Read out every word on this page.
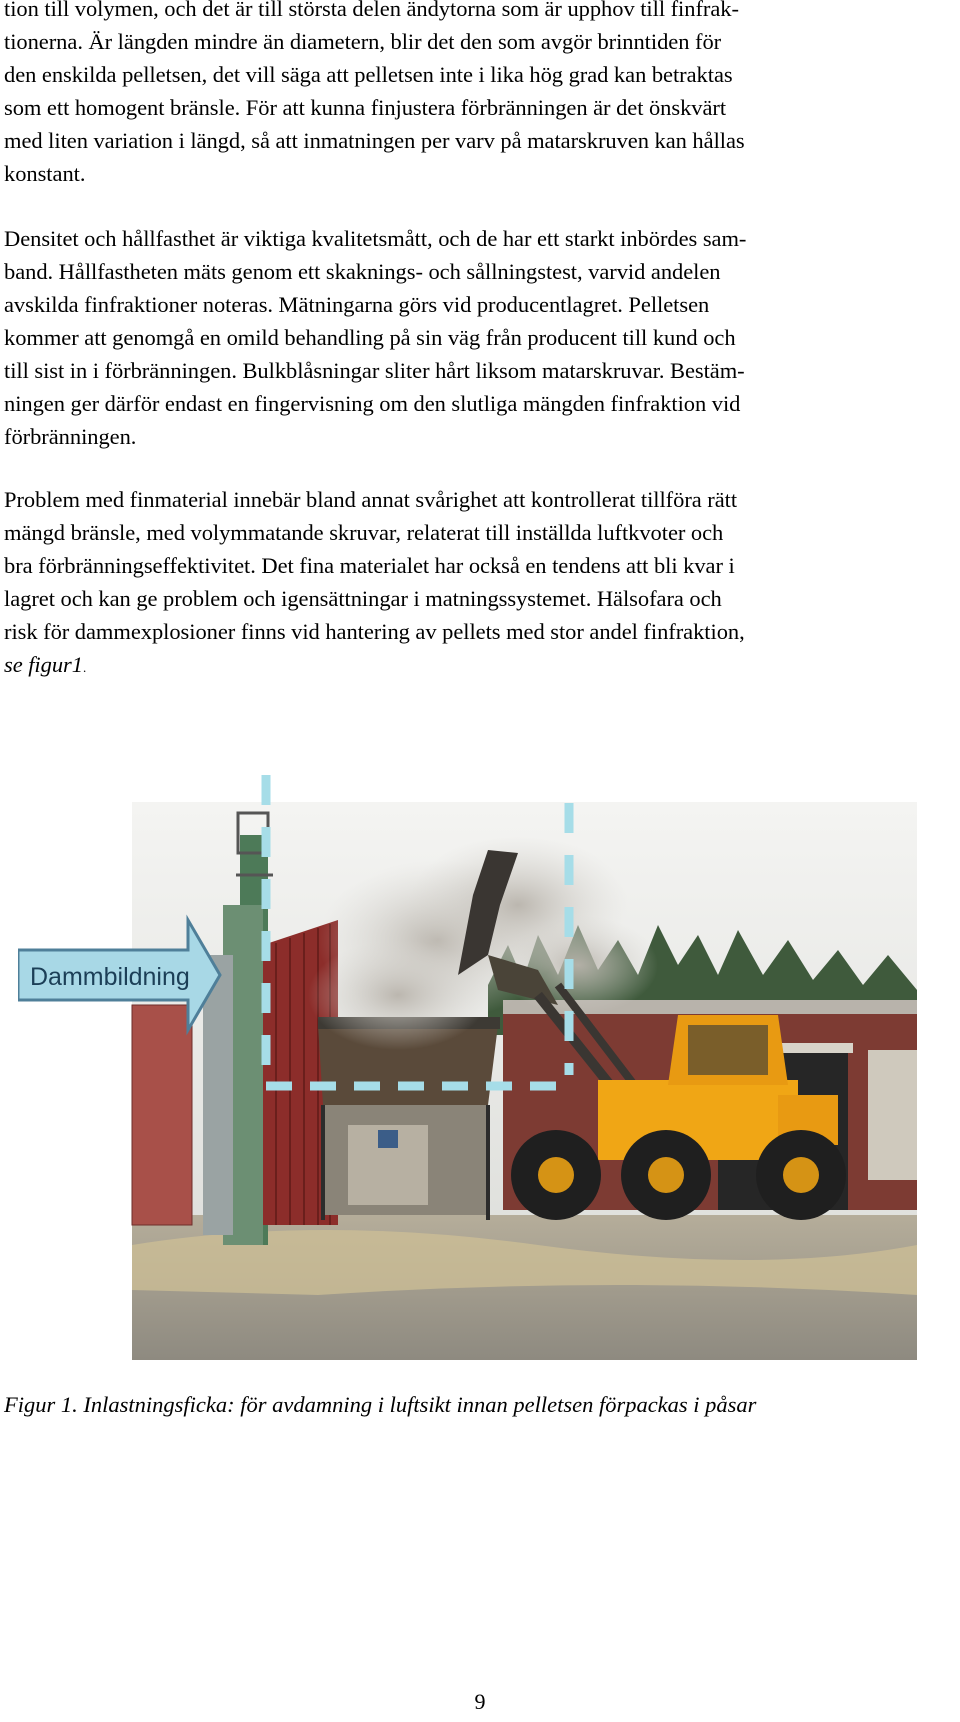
tion till volymen, och det är till största delen ändytorna som är upphov till finfrak-
tionerna. Är längden mindre än diametern, blir det den som avgör brinntiden för
den enskilda pelletsen, det vill säga att pelletsen inte i lika hög grad kan betraktas
som ett homogent bränsle. För att kunna finjustera förbränningen är det önskvärt
med liten variation i längd, så att inmatningen per varv på matarskruven kan hållas
konstant.
Densitet och hållfasthet är viktiga kvalitetsmått, och de har ett starkt inbördes sam-
band. Hållfastheten mäts genom ett skaknings- och sållningstest, varvid andelen
avskilda finfraktioner noteras. Mätningarna görs vid producentlagret. Pelletsen
kommer att genomgå en omild behandling på sin väg från producent till kund och
till sist in i förbränningen. Bulkblåsningar sliter hårt liksom matarskruvar. Bestäm-
ningen ger därför endast en fingervisning om den slutliga mängden finfraktion vid
förbränningen.
Problem med finmaterial innebär bland annat svårighet att kontrollerat tillföra rätt
mängd bränsle, med volymmatande skruvar, relaterat till inställda luftkvoter och
bra förbränningseffektivitet. Det fina materialet har också en tendens att bli kvar i
lagret och kan ge problem och igensättningar i matningssystemet. Hälsofara och
risk för dammexplosioner finns vid hantering av pellets med stor andel finfraktion,
se figur1.
Dammbildning
Figur 1. Inlastningsficka: för avdamning i luftsikt innan pelletsen förpackas i påsar
9
